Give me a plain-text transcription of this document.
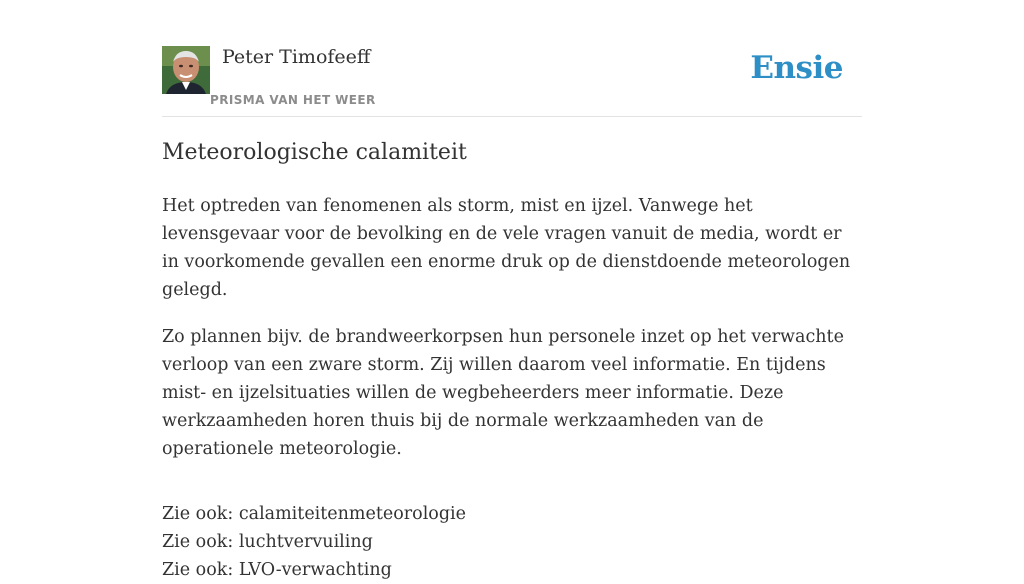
Peter Timofeeff
PRISMA VAN HET WEER
Ensie
Meteorologische calamiteit

Het optreden van fenomenen als storm, mist en ijzel. Vanwege het levensgevaar voor de bevolking en de vele vragen vanuit de media, wordt er in voorkomende gevallen een enorme druk op de dienstdoende meteorologen gelegd.

Zo plannen bijv. de brandweerkorpsen hun personele inzet op het verwachte verloop van een zware storm. Zij willen daarom veel informatie. En tijdens mist- en ijzelsituaties willen de wegbeheerders meer informatie. Deze werkzaamheden horen thuis bij de normale werkzaamheden van de operationele meteorologie.

Zie ook: calamiteitenmeteorologie
Zie ook: luchtvervuiling
Zie ook: LVO-verwachting
